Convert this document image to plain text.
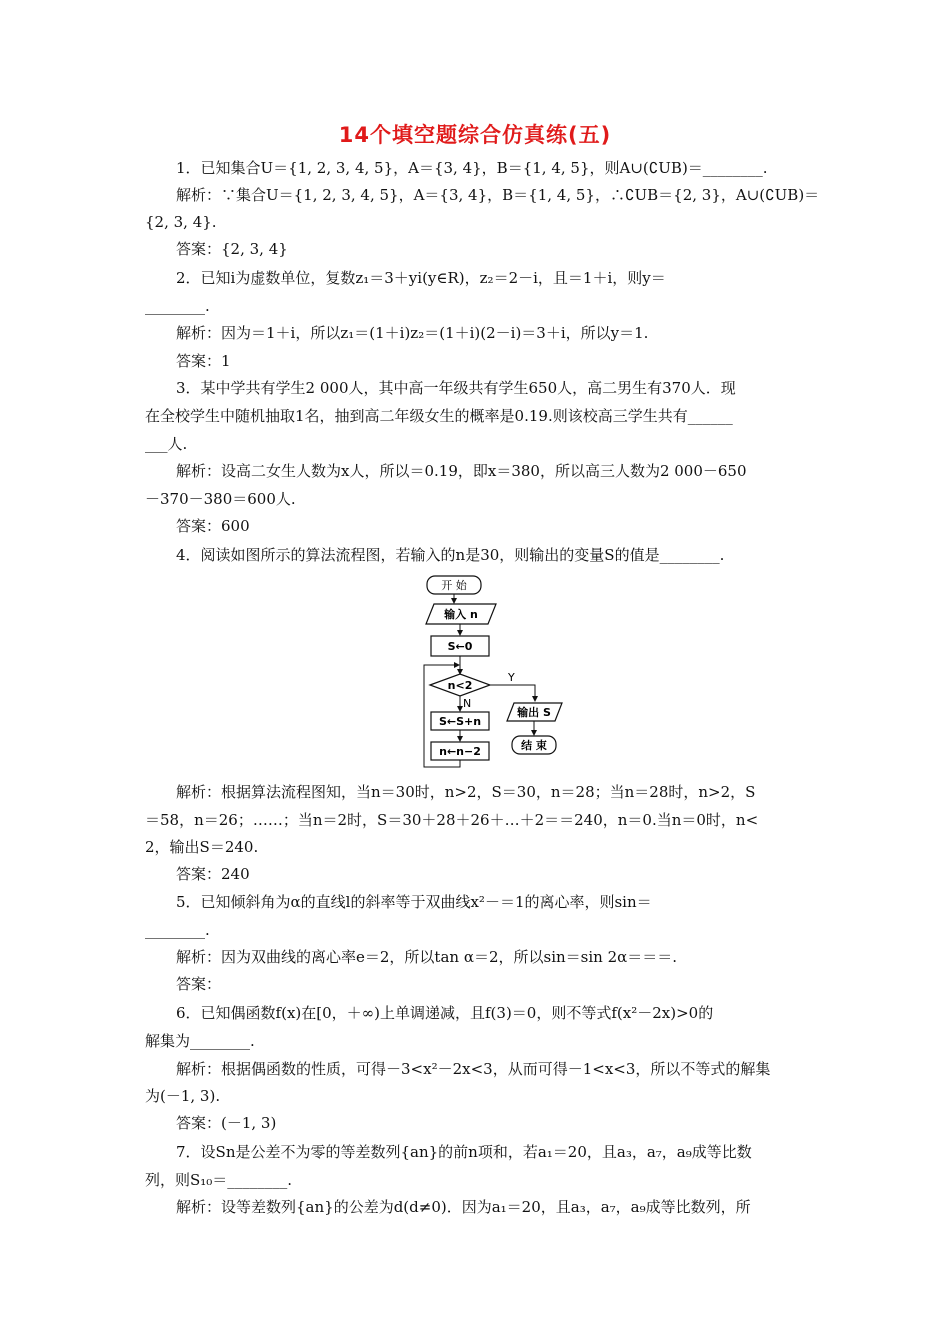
14个填空题综合仿真练(五)
1．已知集合U＝{1, 2, 3, 4, 5}，A＝{3, 4}，B＝{1, 4, 5}，则A∪(∁UB)＝________.
解析：∵集合U＝{1, 2, 3, 4, 5}，A＝{3, 4}，B＝{1, 4, 5}，∴∁UB＝{2, 3}，A∪(∁UB)＝
{2, 3, 4}.
答案：{2, 3, 4}
2．已知i为虚数单位，复数z₁＝3＋yi(y∈R)，z₂＝2－i，且＝1＋i，则y＝
________.
解析：因为＝1＋i，所以z₁＝(1＋i)z₂＝(1＋i)(2－i)＝3＋i，所以y＝1.
答案：1
3．某中学共有学生2 000人，其中高一年级共有学生650人，高二男生有370人．现
在全校学生中随机抽取1名，抽到高二年级女生的概率是0.19.则该校高三学生共有______
___人.
解析：设高二女生人数为x人，所以＝0.19，即x＝380，所以高三人数为2 000－650
－370－380＝600人.
答案：600
4．阅读如图所示的算法流程图，若输入的n是30，则输出的变量S的值是________.
开 始
输入 n
S←0
n<2
Y
输出 S
结 束
N
S←S+n
n←n−2
解析：根据算法流程图知，当n＝30时，n>2，S＝30，n＝28；当n＝28时，n>2，S
＝58，n＝26；……；当n＝2时，S＝30＋28＋26＋…＋2＝＝240，n＝0.当n＝0时，n<
2，输出S＝240.
答案：240
5．已知倾斜角为α的直线l的斜率等于双曲线x²－＝1的离心率，则sin＝
________.
解析：因为双曲线的离心率e＝2，所以tan α＝2，所以sin＝sin 2α＝＝＝.
答案：
6．已知偶函数f(x)在[0，＋∞)上单调递减，且f(3)＝0，则不等式f(x²－2x)>0的
解集为________.
解析：根据偶函数的性质，可得－3<x²－2x<3，从而可得－1<x<3，所以不等式的解集
为(－1, 3).
答案：(－1, 3)
7．设Sn是公差不为零的等差数列{an}的前n项和，若a₁＝20，且a₃，a₇，a₉成等比数
列，则S₁₀＝________.
解析：设等差数列{an}的公差为d(d≠0)．因为a₁＝20，且a₃，a₇，a₉成等比数列，所
